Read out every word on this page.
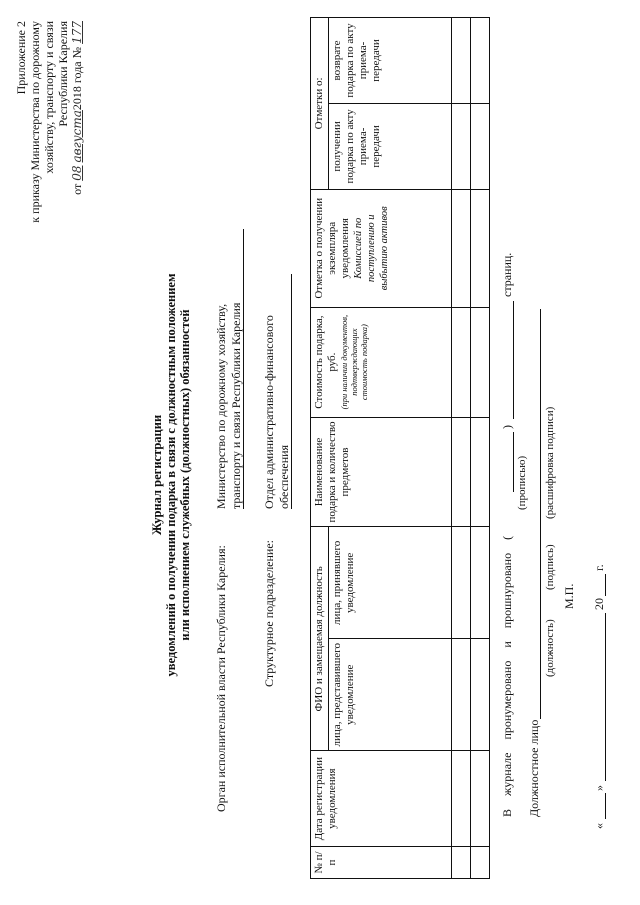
Приложение 2 к приказу Министерства по дорожному хозяйству, транспорту и связи Республики Карелия
от 08 августа2018 года № 177
Журнал регистрации уведомлений о получении подарка в связи с должностным положением или исполнением служебных (должностных) обязанностей
Орган исполнительной власти Республики Карелия:
Министерство по дорожному хозяйству, транспорту и связи Республики Карелия
Структурное подразделение:
Отдел административно-финансового обеспечения
№ п/п	Дата регистрации уведомления	ФИО и замещаемая должность		Наименование подарка и количество предметов	Стоимость подарка, руб. (при наличии документов, подтверждающих стоимость подарка)	Отметка о получении экземпляра уведомления Комиссией по поступлению и выбытию активов	Отметки о:	
		лица, представившего уведомление	лица, принявшего уведомление				получении подарка по акту приема-передачи	возврате подарка по акту приема-передачи

В журнале пронумеровано и прошнуровано (
)
страниц.
(прописью)
Должностное лицо
(должность)
(подпись)
(расшифровка подписи)
М.П.
«
»
20
г.
